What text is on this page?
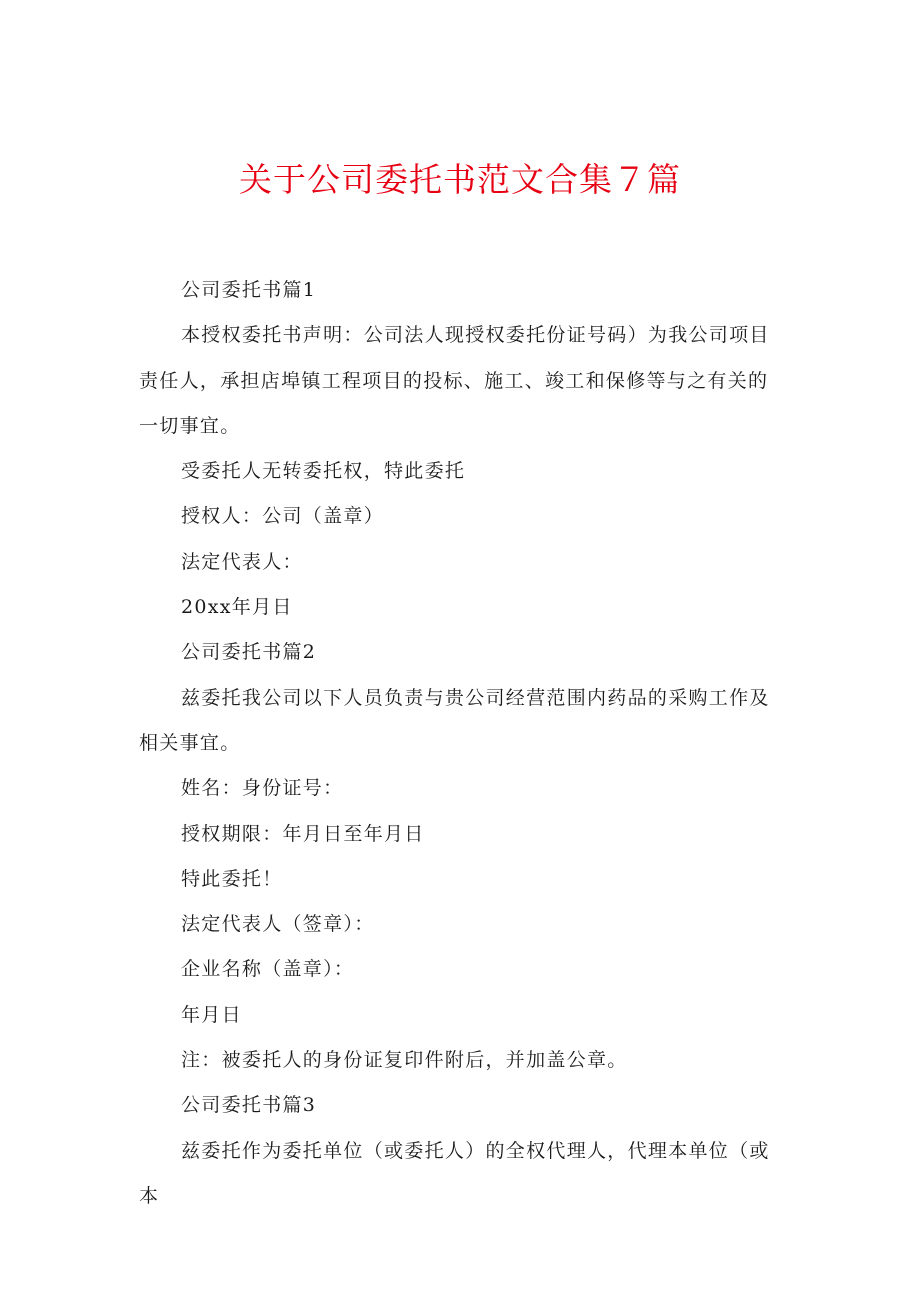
关于公司委托书范文合集７篇

公司委托书篇1

本授权委托书声明：公司法人现授权委托份证号码）为我公司项目责任人，承担店埠镇工程项目的投标、施工、竣工和保修等与之有关的一切事宜。

受委托人无转委托权，特此委托

授权人：公司（盖章）

法定代表人：

20xx年月日

公司委托书篇2

兹委托我公司以下人员负责与贵公司经营范围内药品的采购工作及相关事宜。

姓名：身份证号：

授权期限：年月日至年月日

特此委托！

法定代表人（签章）：

企业名称（盖章）：

年月日

注：被委托人的身份证复印件附后，并加盖公章。

公司委托书篇3

兹委托作为委托单位（或委托人）的全权代理人，代理本单位（或本
